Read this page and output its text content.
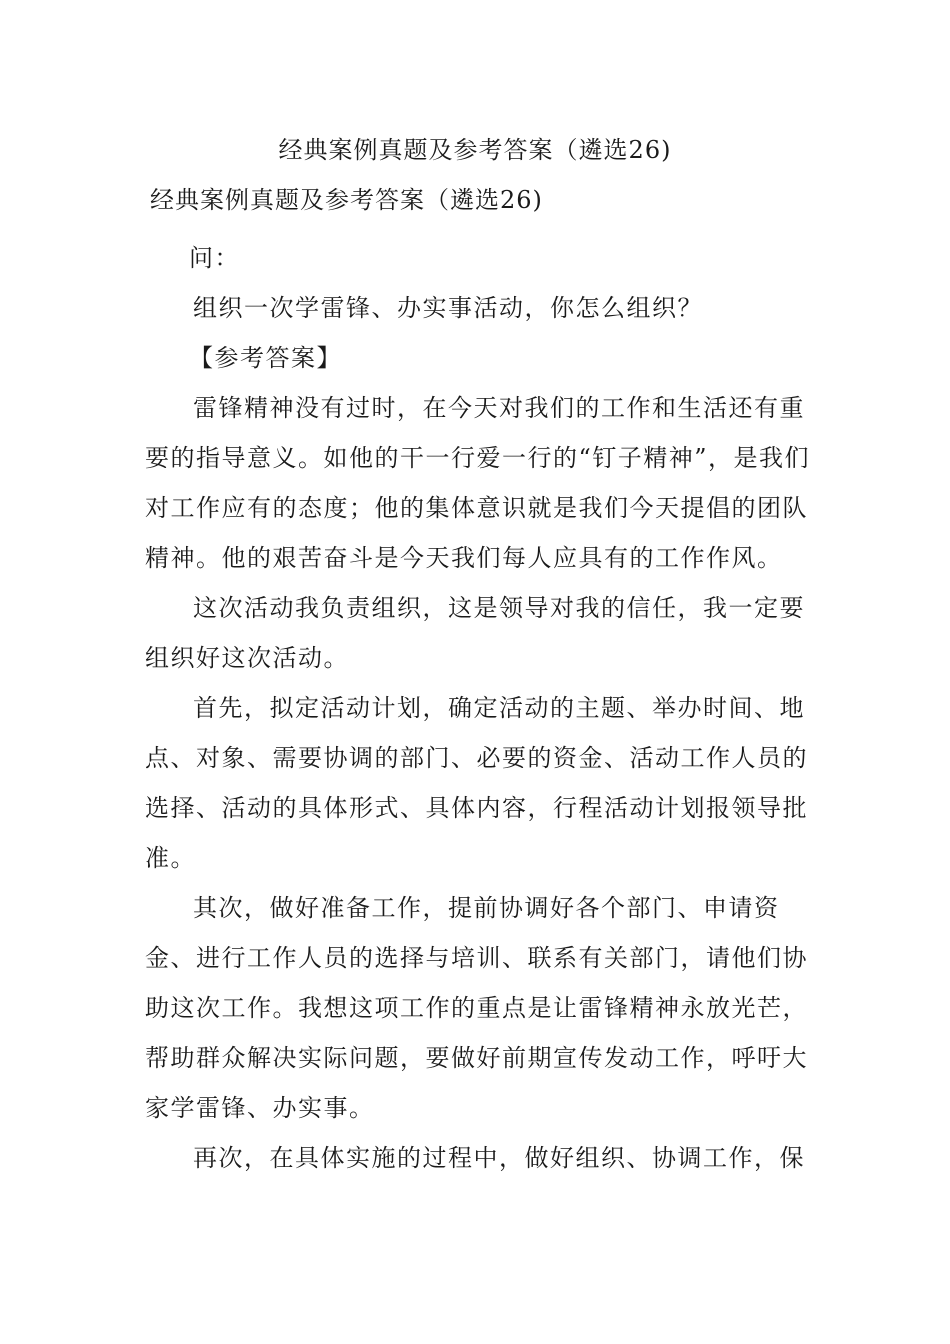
经典案例真题及参考答案（遴选26)
经典案例真题及参考答案（遴选26)

问：

组织一次学雷锋、办实事活动，你怎么组织？

【参考答案】

雷锋精神没有过时，在今天对我们的工作和生活还有重要的指导意义。如他的干一行爱一行的“钉子精神”，是我们对工作应有的态度；他的集体意识就是我们今天提倡的团队精神。他的艰苦奋斗是今天我们每人应具有的工作作风。

这次活动我负责组织，这是领导对我的信任，我一定要组织好这次活动。

首先，拟定活动计划，确定活动的主题、举办时间、地点、对象、需要协调的部门、必要的资金、活动工作人员的选择、活动的具体形式、具体内容，行程活动计划报领导批准。

其次，做好准备工作，提前协调好各个部门、申请资金、进行工作人员的选择与培训、联系有关部门，请他们协助这次工作。我想这项工作的重点是让雷锋精神永放光芒，帮助群众解决实际问题，要做好前期宣传发动工作，呼吁大家学雷锋、办实事。

再次，在具体实施的过程中，做好组织、协调工作，保
